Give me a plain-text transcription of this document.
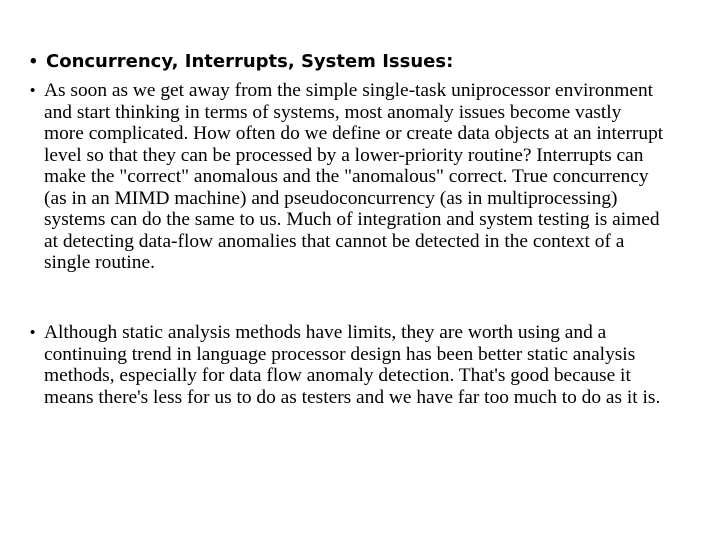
• Concurrency, Interrupts, System Issues:
• As soon as we get away from the simple single-task uniprocessor environment and start thinking in terms of systems, most anomaly issues become vastly more complicated. How often do we define or create data objects at an interrupt level so that they can be processed by a lower-priority routine? Interrupts can make the "correct" anomalous and the "anomalous" correct. True concurrency (as in an MIMD machine) and pseudoconcurrency (as in multiprocessing) systems can do the same to us. Much of integration and system testing is aimed at detecting data-flow anomalies that cannot be detected in the context of a single routine.
• Although static analysis methods have limits, they are worth using and a continuing trend in language processor design has been better static analysis methods, especially for data flow anomaly detection. That's good because it means there's less for us to do as testers and we have far too much to do as it is.
